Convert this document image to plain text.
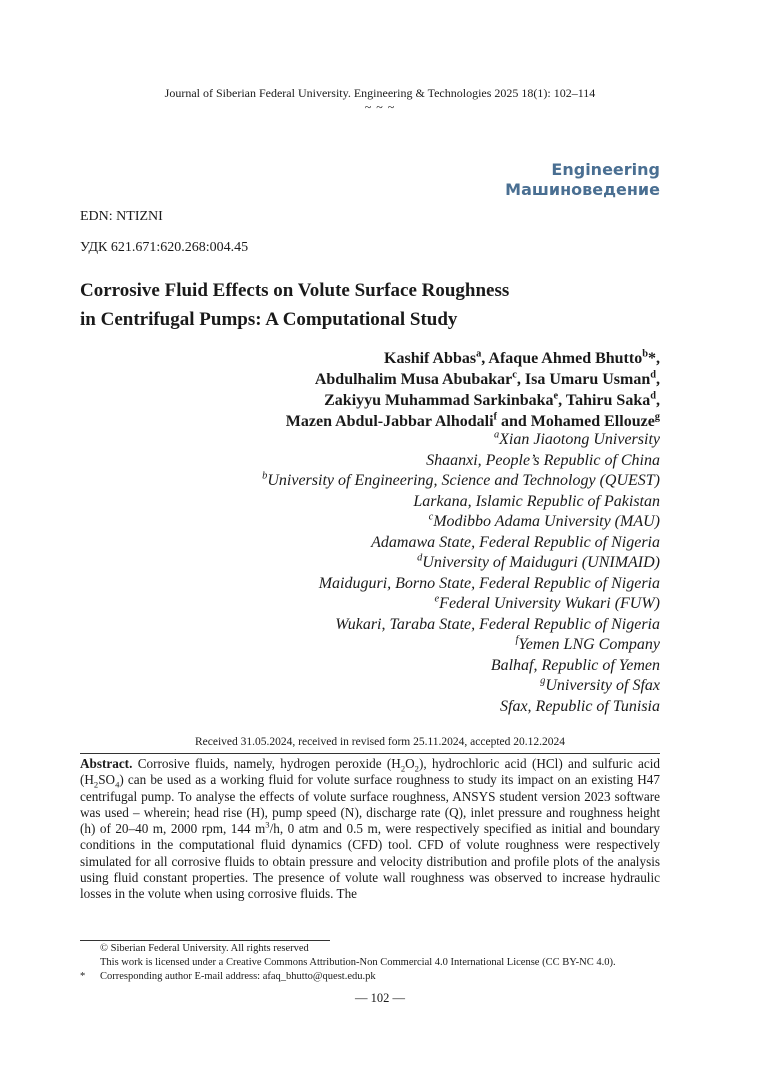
Journal of Siberian Federal University. Engineering & Technologies 2025 18(1): 102–114
~ ~ ~
Engineering
Машиноведение
EDN: NTIZNI
УДК 621.671:620.268:004.45
Corrosive Fluid Effects on Volute Surface Roughness
in Centrifugal Pumps: A Computational Study
Kashif Abbas$^a$, Afaque Ahmed Bhutto$^b$*,
Abdulhalim Musa Abubakar$^c$, Isa Umaru Usman$^d$,
Zakiyyu Muhammad Sarkinbaka$^e$, Tahiru Saka$^d$,
Mazen Abdul-Jabbar Alhodali$^f$ and Mohamed Ellouze$^g$
$^a$Xian Jiaotong University
Shaanxi, People’s Republic of China
$^b$University of Engineering, Science and Technology (QUEST)
Larkana, Islamic Republic of Pakistan
$^c$Modibbo Adama University (MAU)
Adamawa State, Federal Republic of Nigeria
$^d$University of Maiduguri (UNIMAID)
Maiduguri, Borno State, Federal Republic of Nigeria
$^e$Federal University Wukari (FUW)
Wukari, Taraba State, Federal Republic of Nigeria
$^f$Yemen LNG Company
Balhaf, Republic of Yemen
$^g$University of Sfax
Sfax, Republic of Tunisia
Received 31.05.2024, received in revised form 25.11.2024, accepted 20.12.2024
Abstract. Corrosive fluids, namely, hydrogen peroxide $(H_2O_2)$, hydrochloric acid (HCl) and sulfuric acid $(H_2SO_4)$ can be used as a working fluid for volute surface roughness to study its impact on an existing H47 centrifugal pump. To analyse the effects of volute surface roughness, ANSYS student version 2023 software was used – wherein; head rise (H), pump speed (N), discharge rate (Q), inlet pressure and roughness height (h) of 20–40 m, 2000 rpm, 144 $m^3/h$, 0 atm and 0.5 m, were respectively specified as initial and boundary conditions in the computational fluid dynamics (CFD) tool. CFD of volute roughness were respectively simulated for all corrosive fluids to obtain pressure and velocity distribution and profile plots of the analysis using fluid constant properties. The presence of volute wall roughness was observed to increase hydraulic losses in the volute when using corrosive fluids. The
© Siberian Federal University. All rights reserved
This work is licensed under a Creative Commons Attribution-Non Commercial 4.0 International License (CC BY-NC 4.0).
*	Corresponding author E-mail address: afaq_bhutto@quest.edu.pk
— 102 —
